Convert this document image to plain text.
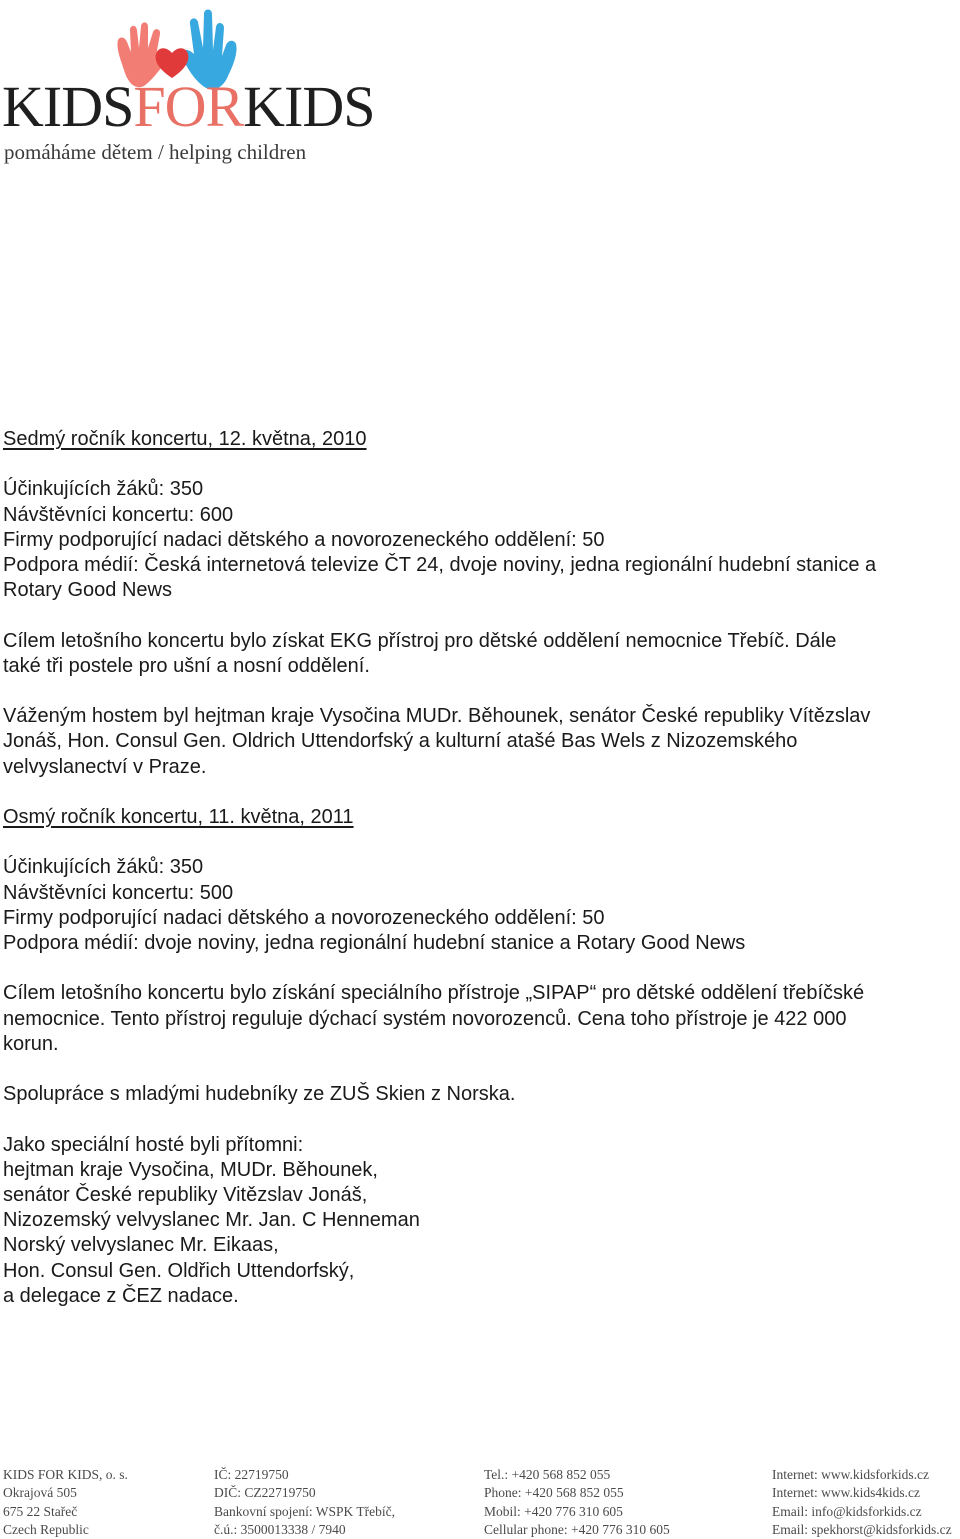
KIDSFORKIDS
pomáháme dětem / helping children
Sedmý ročník koncertu, 12. května, 2010
Účinkujících žáků: 350
Návštěvníci koncertu: 600
Firmy podporující nadaci dětského a novorozeneckého oddělení: 50
Podpora médií: Česká internetová televize ČT 24, dvoje noviny, jedna regionální hudební stanice a
Rotary Good News
Cílem letošního koncertu bylo získat EKG přístroj pro dětské oddělení nemocnice Třebíč. Dále
také tři postele pro ušní a nosní oddělení.
Váženým hostem byl hejtman kraje Vysočina MUDr. Běhounek, senátor České republiky Vítězslav
Jonáš, Hon. Consul Gen. Oldrich Uttendorfský a kulturní atašé Bas Wels z Nizozemského
velvyslanectví v Praze.
Osmý ročník koncertu, 11. května, 2011
Účinkujících žáků: 350
Návštěvníci koncertu: 500
Firmy podporující nadaci dětského a novorozeneckého oddělení: 50
Podpora médií: dvoje noviny, jedna regionální hudební stanice a Rotary Good News
Cílem letošního koncertu bylo získání speciálního přístroje „SIPAP“ pro dětské oddělení třebíčské
nemocnice. Tento přístroj reguluje dýchací systém novorozenců. Cena toho přístroje je 422 000
korun.
Spolupráce s mladými hudebníky ze ZUŠ Skien z Norska.
Jako speciální hosté byli přítomni:
hejtman kraje Vysočina, MUDr. Běhounek,
senátor České republiky Vitězslav Jonáš,
Nizozemský velvyslanec Mr. Jan. C Henneman
Norský velvyslanec Mr. Eikaas,
Hon. Consul Gen. Oldřich Uttendorfský,
a delegace z ČEZ nadace.
KIDS FOR KIDS, o. s.
Okrajová 505
675 22 Stařeč
Czech Republic
IČ: 22719750
DIČ: CZ22719750
Bankovní spojení: WSPK Třebíč,
č.ú.: 3500013338 / 7940
Tel.: +420 568 852 055
Phone: +420 568 852 055
Mobil: +420 776 310 605
Cellular phone: +420 776 310 605
Internet: www.kidsforkids.cz
Internet: www.kids4kids.cz
Email: info@kidsforkids.cz
Email: spekhorst@kidsforkids.cz
